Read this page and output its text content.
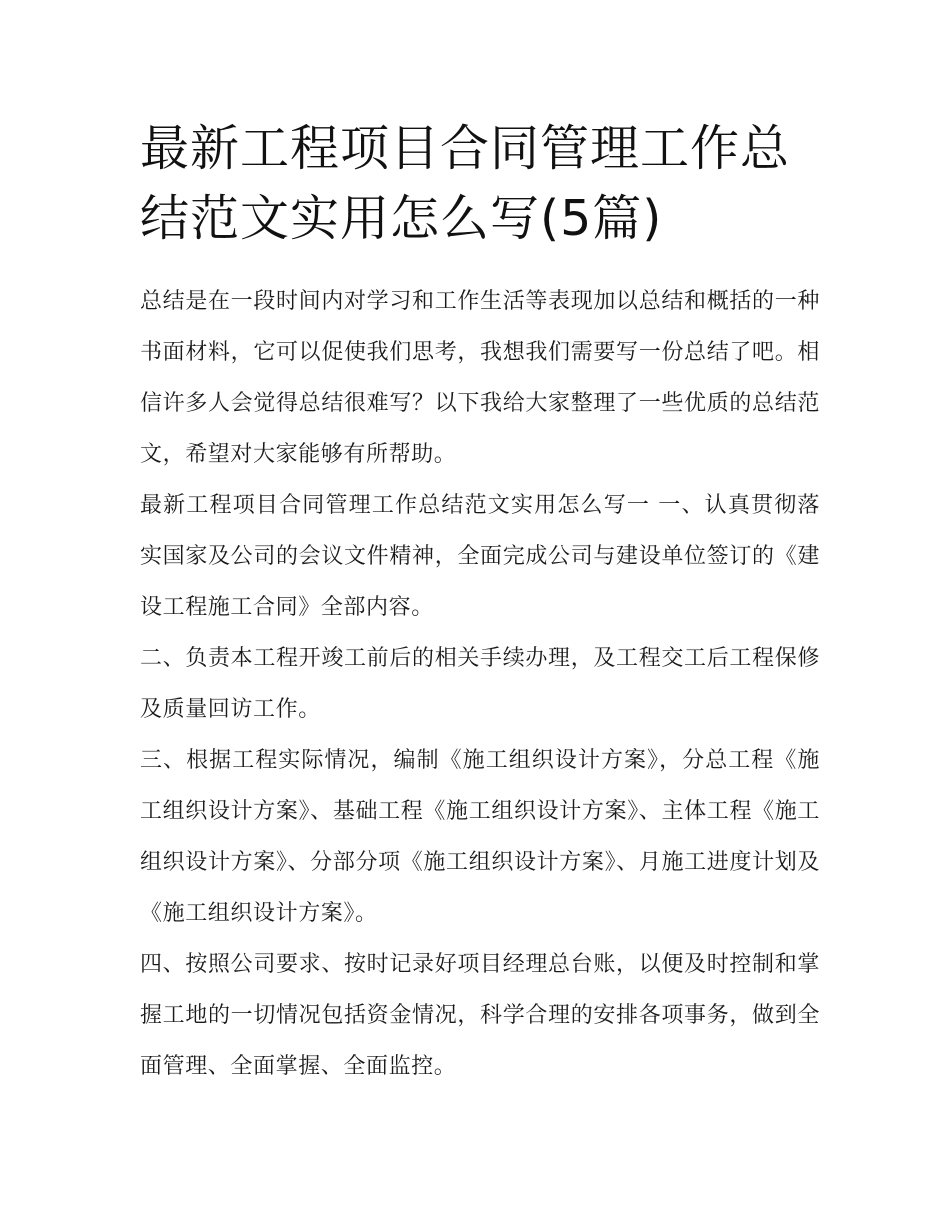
最新工程项目合同管理工作总结范文实用怎么写(5篇)

总结是在一段时间内对学习和工作生活等表现加以总结和概括的一种书面材料，它可以促使我们思考，我想我们需要写一份总结了吧。相信许多人会觉得总结很难写？以下我给大家整理了一些优质的总结范文，希望对大家能够有所帮助。

最新工程项目合同管理工作总结范文实用怎么写一 一、认真贯彻落实国家及公司的会议文件精神，全面完成公司与建设单位签订的《建设工程施工合同》全部内容。

二、负责本工程开竣工前后的相关手续办理，及工程交工后工程保修及质量回访工作。

三、根据工程实际情况，编制《施工组织设计方案》，分总工程《施工组织设计方案》、基础工程《施工组织设计方案》、主体工程《施工组织设计方案》、分部分项《施工组织设计方案》、月施工进度计划及《施工组织设计方案》。

四、按照公司要求、按时记录好项目经理总台账，以便及时控制和掌握工地的一切情况包括资金情况，科学合理的安排各项事务，做到全面管理、全面掌握、全面监控。
